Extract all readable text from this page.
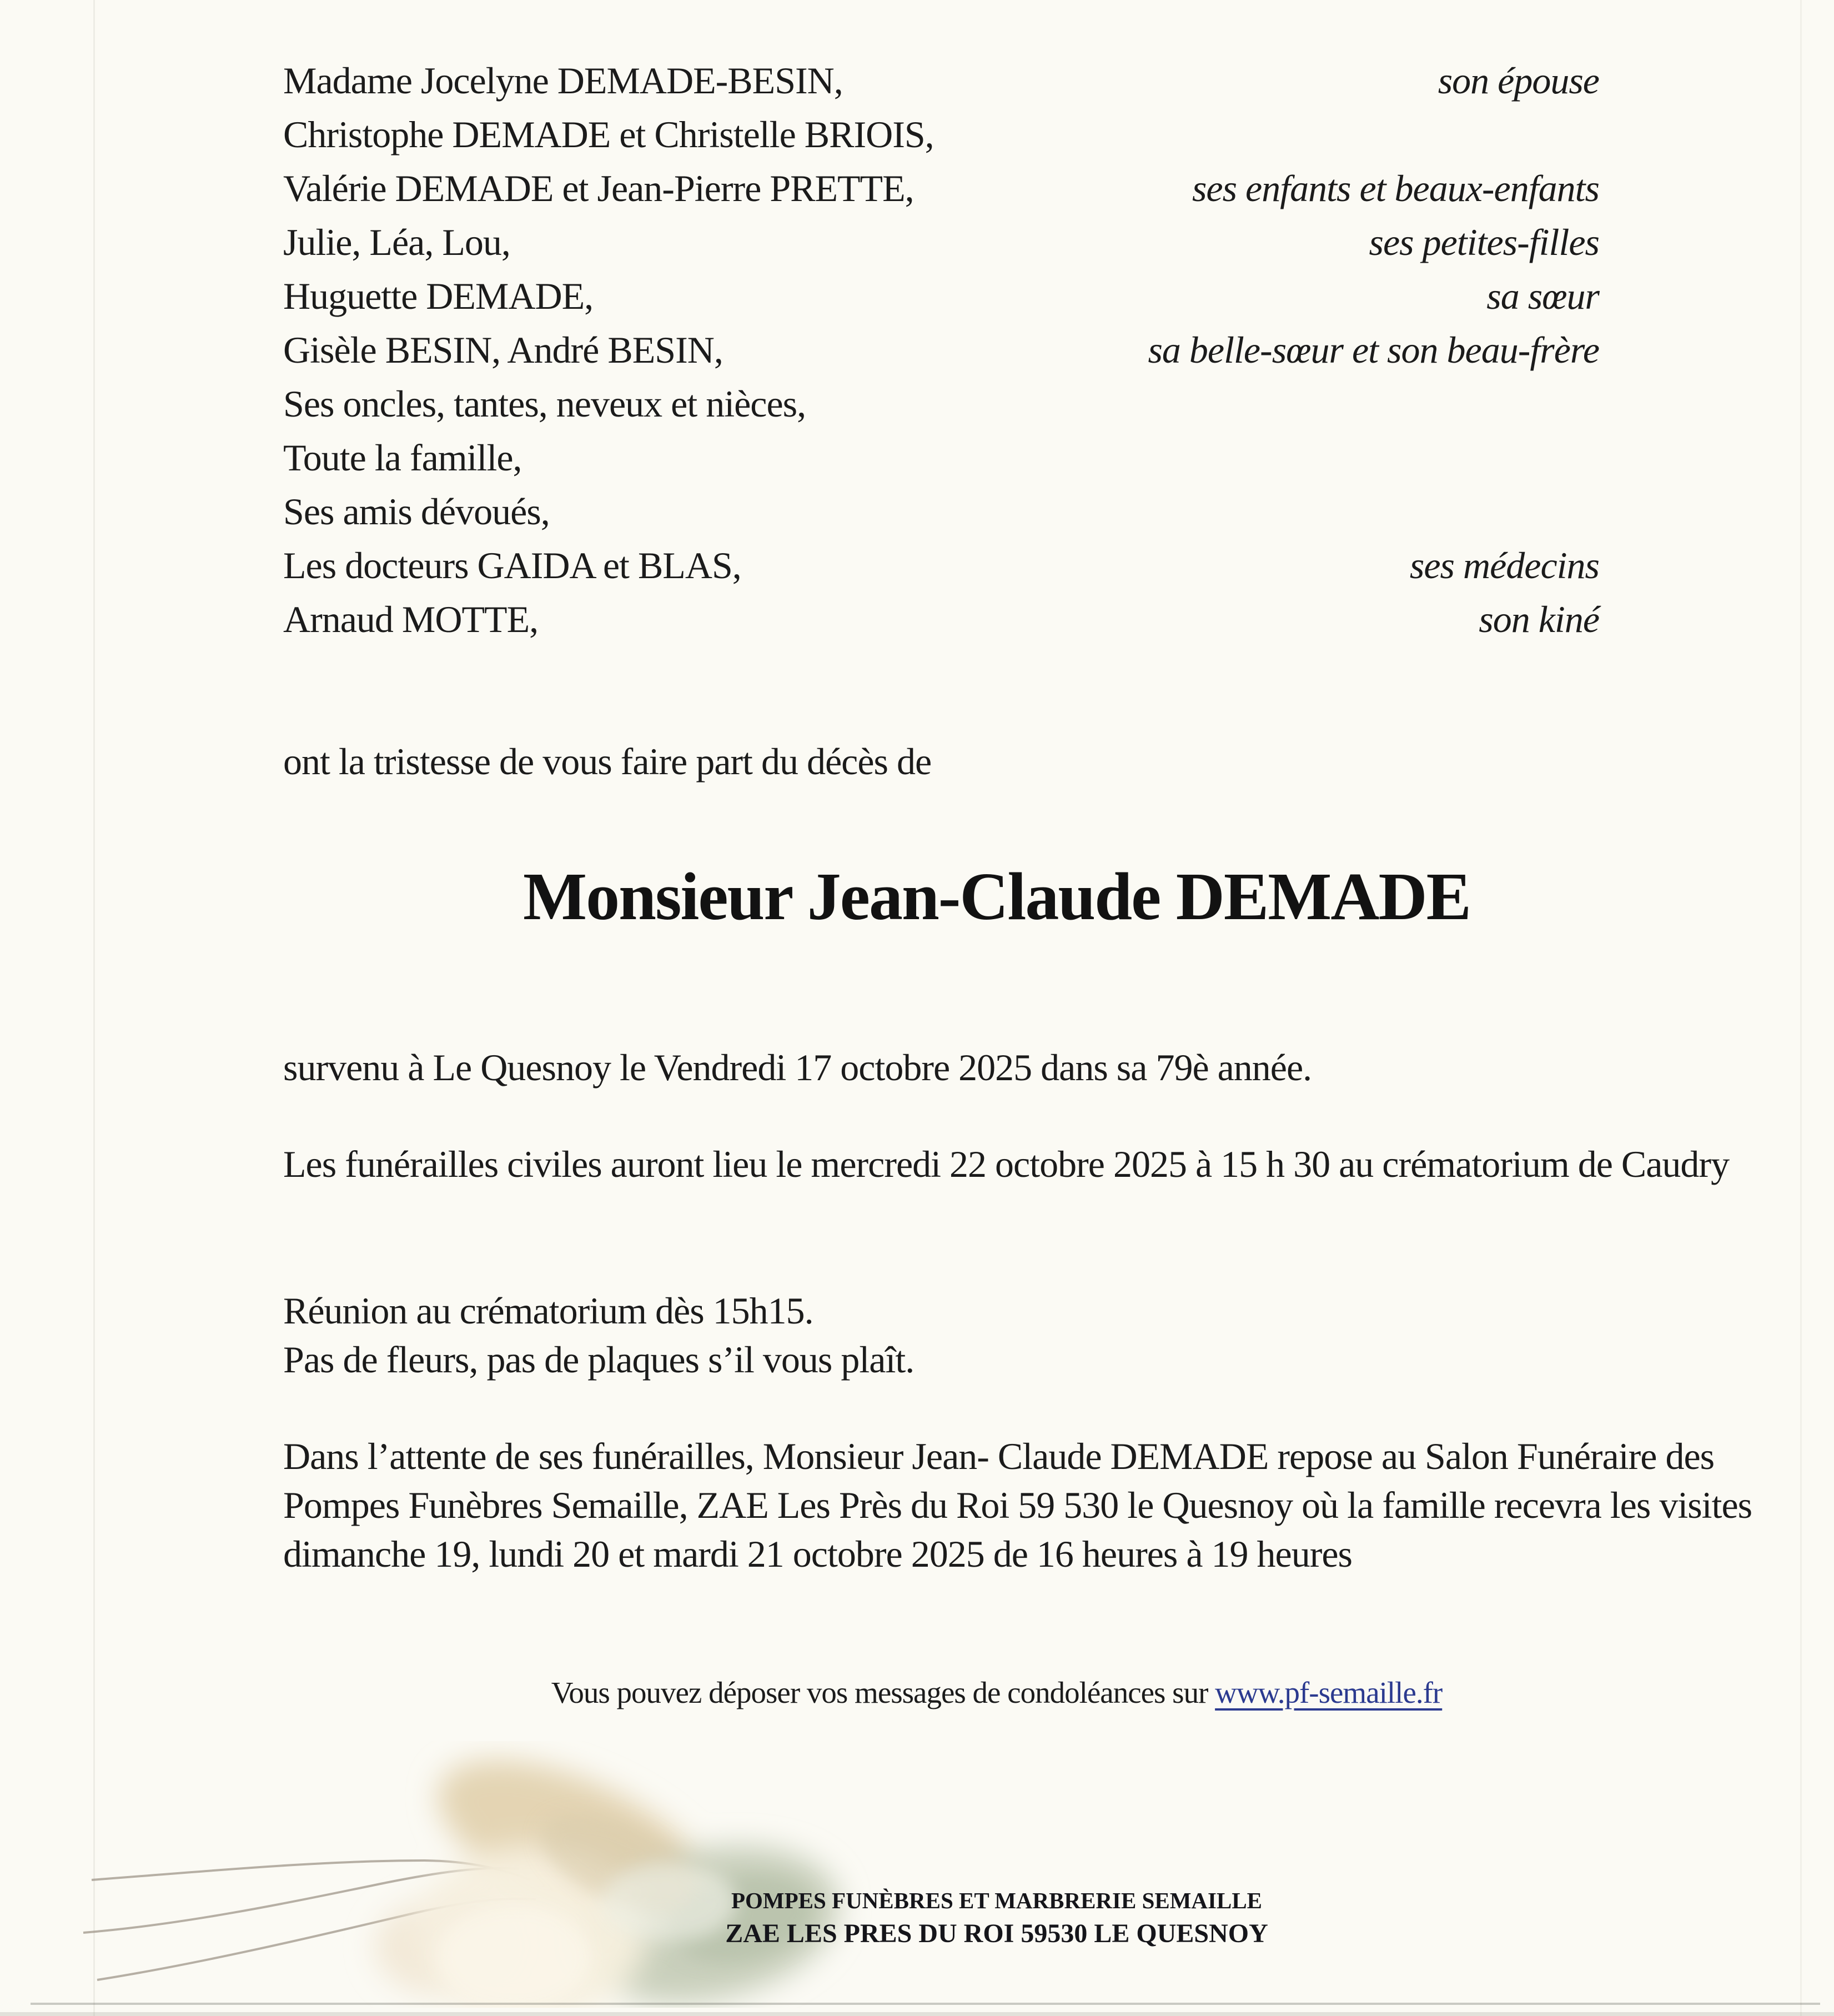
Madame Jocelyne DEMADE-BESIN,	son épouse
Christophe DEMADE et Christelle BRIOIS,
Valérie DEMADE et Jean-Pierre PRETTE,	ses enfants et beaux-enfants
Julie, Léa, Lou,	ses petites-filles
Huguette DEMADE,	sa sœur
Gisèle BESIN, André BESIN,	sa belle-sœur et son beau-frère
Ses oncles, tantes, neveux et nièces,
Toute la famille,
Ses amis dévoués,
Les docteurs GAIDA et BLAS,	ses médecins
Arnaud MOTTE,	son kiné
ont la tristesse de vous faire part du décès de
Monsieur Jean-Claude DEMADE
survenu à Le Quesnoy le Vendredi 17 octobre 2025 dans sa 79è année.
Les funérailles civiles auront lieu le mercredi 22 octobre 2025 à 15 h 30 au crématorium de Caudry
Réunion au crématorium dès 15h15.
Pas de fleurs, pas de plaques s’il vous plaît.
Dans l’attente de ses funérailles, Monsieur Jean- Claude DEMADE repose au Salon Funéraire des Pompes Funèbres Semaille, ZAE Les Près du Roi 59 530 le Quesnoy où la famille recevra les visites dimanche 19, lundi 20 et mardi 21 octobre 2025 de 16 heures à 19 heures
Vous pouvez déposer vos messages de condoléances sur www.pf-semaille.fr
POMPES FUNÈBRES ET MARBRERIE SEMAILLE
ZAE LES PRES DU ROI 59530 LE QUESNOY
